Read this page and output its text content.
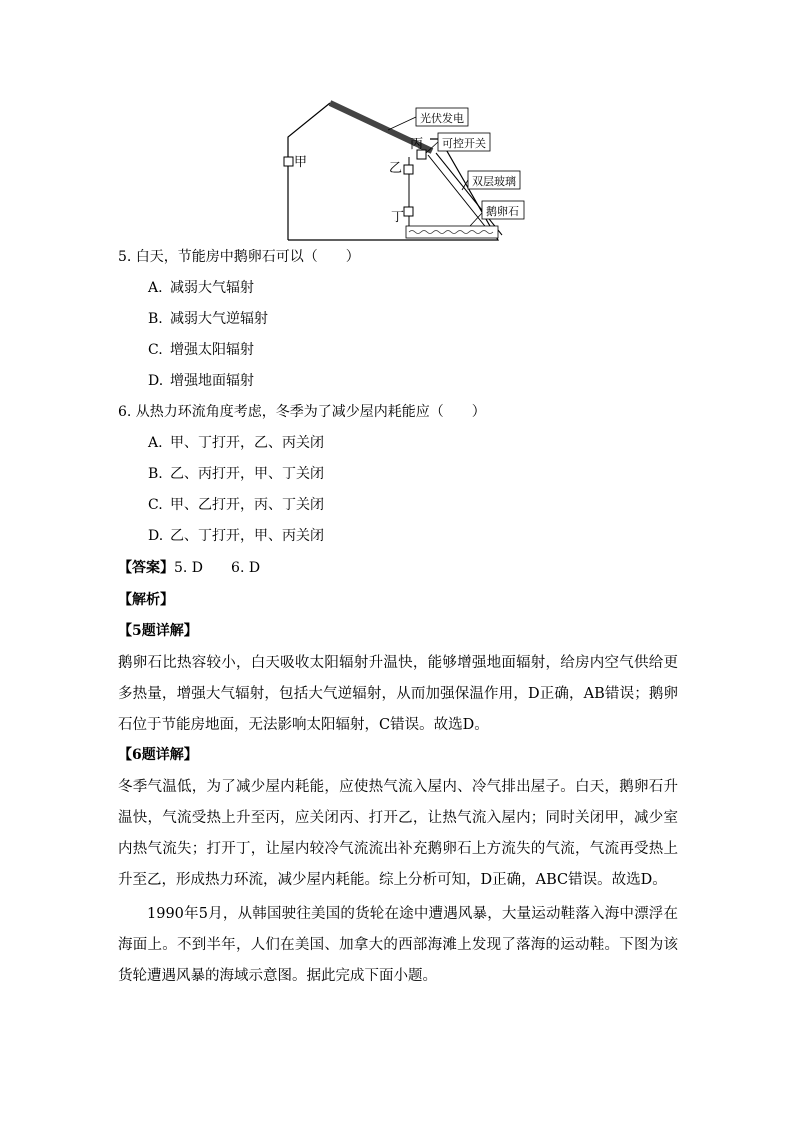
甲
丙
乙
丁
光伏发电
可控开关
双层玻璃
鹅卵石
5. 白天，节能房中鹅卵石可以（　　）
A. 减弱大气辐射
B. 减弱大气逆辐射
C. 增强太阳辐射
D. 增强地面辐射
6. 从热力环流角度考虑，冬季为了减少屋内耗能应（　　）
A. 甲、丁打开，乙、丙关闭
B. 乙、丙打开，甲、丁关闭
C. 甲、乙打开，丙、丁关闭
D. 乙、丁打开，甲、丙关闭
【答案】5. D 6. D
【解析】
【5题详解】
鹅卵石比热容较小，白天吸收太阳辐射升温快，能够增强地面辐射，给房内空气供给更多热量，增强大气辐射，包括大气逆辐射，从而加强保温作用，D正确，AB错误；鹅卵石位于节能房地面，无法影响太阳辐射，C错误。故选D。
【6题详解】
冬季气温低，为了减少屋内耗能，应使热气流入屋内、冷气排出屋子。白天，鹅卵石升温快，气流受热上升至丙，应关闭丙、打开乙，让热气流入屋内；同时关闭甲，减少室内热气流失；打开丁，让屋内较冷气流流出补充鹅卵石上方流失的气流，气流再受热上升至乙，形成热力环流，减少屋内耗能。综上分析可知，D正确，ABC错误。故选D。
1990年5月，从韩国驶往美国的货轮在途中遭遇风暴，大量运动鞋落入海中漂浮在海面上。不到半年，人们在美国、加拿大的西部海滩上发现了落海的运动鞋。下图为该货轮遭遇风暴的海域示意图。据此完成下面小题。
